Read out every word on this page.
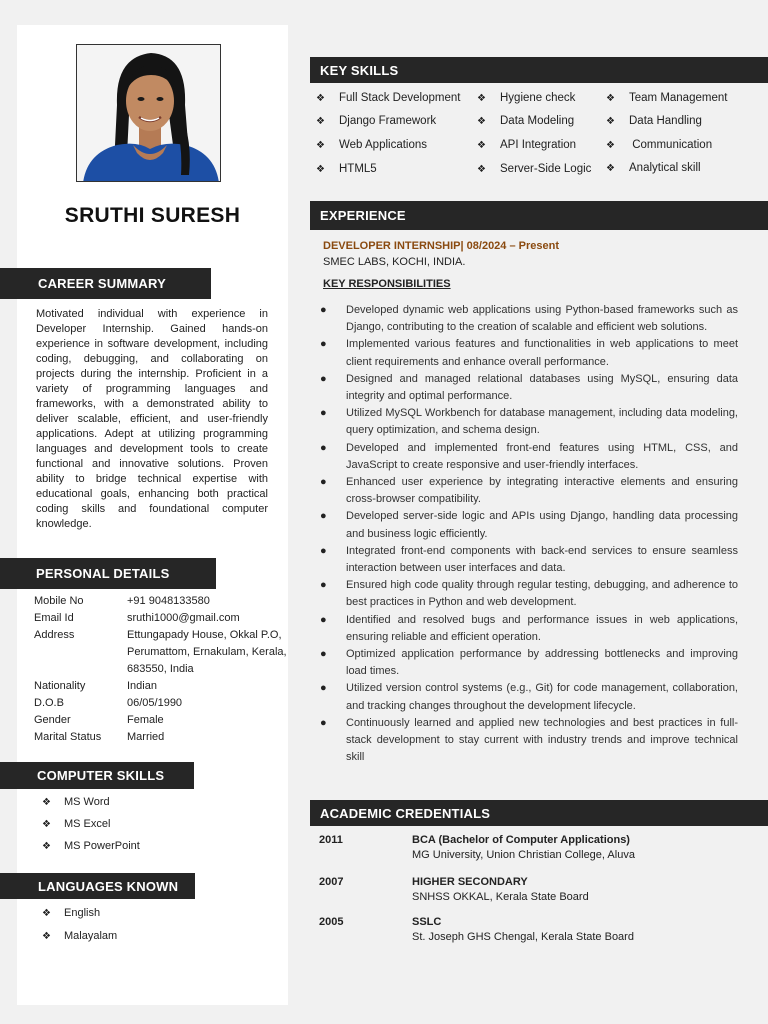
SRUTHI SURESH
CAREER SUMMARY
Motivated individual with experience in Developer Internship. Gained hands-on experience in software development, including coding, debugging, and collaborating on projects during the internship. Proficient in a variety of programming languages and frameworks, with a demonstrated ability to deliver scalable, efficient, and user-friendly applications. Adept at utilizing programming languages and development tools to create functional and innovative solutions. Proven ability to bridge technical expertise with educational goals, enhancing both practical coding skills and foundational computer knowledge.
PERSONAL DETAILS
Mobile No	+91 9048133580
Email Id	sruthi1000@gmail.com
Address	Ettungapady House, Okkal P.O, Perumattom, Ernakulam, Kerala, 683550, India
Nationality	Indian
D.O.B	06/05/1990
Gender	Female
Marital Status	Married
COMPUTER SKILLS
❖	MS Word
❖	MS Excel
❖	MS PowerPoint
LANGUAGES KNOWN
❖	English
❖	Malayalam
KEY SKILLS
❖	Full Stack Development
❖	Django Framework
❖	Web Applications
❖	HTML5
❖	Hygiene check
❖	Data Modeling
❖	API Integration
❖	Server-Side Logic
❖	Team Management
❖	Data Handling
❖	Communication
❖	Analytical skill
EXPERIENCE
DEVELOPER INTERNSHIP| 08/2024 – Present
SMEC LABS, KOCHI, INDIA.
KEY RESPONSIBILITIES
●	Developed dynamic web applications using Python-based frameworks such as Django, contributing to the creation of scalable and efficient web solutions.
●	Implemented various features and functionalities in web applications to meet client requirements and enhance overall performance.
●	Designed and managed relational databases using MySQL, ensuring data integrity and optimal performance.
●	Utilized MySQL Workbench for database management, including data modeling, query optimization, and schema design.
●	Developed and implemented front-end features using HTML, CSS, and JavaScript to create responsive and user-friendly interfaces.
●	Enhanced user experience by integrating interactive elements and ensuring cross-browser compatibility.
●	Developed server-side logic and APIs using Django, handling data processing and business logic efficiently.
●	Integrated front-end components with back-end services to ensure seamless interaction between user interfaces and data.
●	Ensured high code quality through regular testing, debugging, and adherence to best practices in Python and web development.
●	Identified and resolved bugs and performance issues in web applications, ensuring reliable and efficient operation.
●	Optimized application performance by addressing bottlenecks and improving load times.
●	Utilized version control systems (e.g., Git) for code management, collaboration, and tracking changes throughout the development lifecycle.
●	Continuously learned and applied new technologies and best practices in full-stack development to stay current with industry trends and improve technical skill
ACADEMIC CREDENTIALS
2011	BCA (Bachelor of Computer Applications)
MG University, Union Christian College, Aluva
2007	HIGHER SECONDARY
SNHSS OKKAL, Kerala State Board
2005	SSLC
St. Joseph GHS Chengal, Kerala State Board
